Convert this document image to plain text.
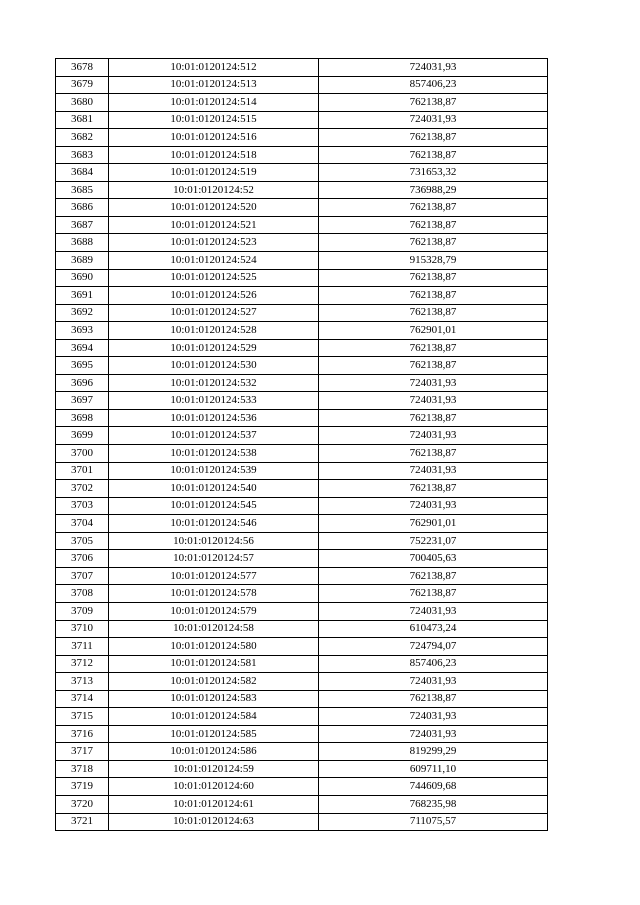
3678	10:01:0120124:512	724031,93
3679	10:01:0120124:513	857406,23
3680	10:01:0120124:514	762138,87
3681	10:01:0120124:515	724031,93
3682	10:01:0120124:516	762138,87
3683	10:01:0120124:518	762138,87
3684	10:01:0120124:519	731653,32
3685	10:01:0120124:52	736988,29
3686	10:01:0120124:520	762138,87
3687	10:01:0120124:521	762138,87
3688	10:01:0120124:523	762138,87
3689	10:01:0120124:524	915328,79
3690	10:01:0120124:525	762138,87
3691	10:01:0120124:526	762138,87
3692	10:01:0120124:527	762138,87
3693	10:01:0120124:528	762901,01
3694	10:01:0120124:529	762138,87
3695	10:01:0120124:530	762138,87
3696	10:01:0120124:532	724031,93
3697	10:01:0120124:533	724031,93
3698	10:01:0120124:536	762138,87
3699	10:01:0120124:537	724031,93
3700	10:01:0120124:538	762138,87
3701	10:01:0120124:539	724031,93
3702	10:01:0120124:540	762138,87
3703	10:01:0120124:545	724031,93
3704	10:01:0120124:546	762901,01
3705	10:01:0120124:56	752231,07
3706	10:01:0120124:57	700405,63
3707	10:01:0120124:577	762138,87
3708	10:01:0120124:578	762138,87
3709	10:01:0120124:579	724031,93
3710	10:01:0120124:58	610473,24
3711	10:01:0120124:580	724794,07
3712	10:01:0120124:581	857406,23
3713	10:01:0120124:582	724031,93
3714	10:01:0120124:583	762138,87
3715	10:01:0120124:584	724031,93
3716	10:01:0120124:585	724031,93
3717	10:01:0120124:586	819299,29
3718	10:01:0120124:59	609711,10
3719	10:01:0120124:60	744609,68
3720	10:01:0120124:61	768235,98
3721	10:01:0120124:63	711075,57
